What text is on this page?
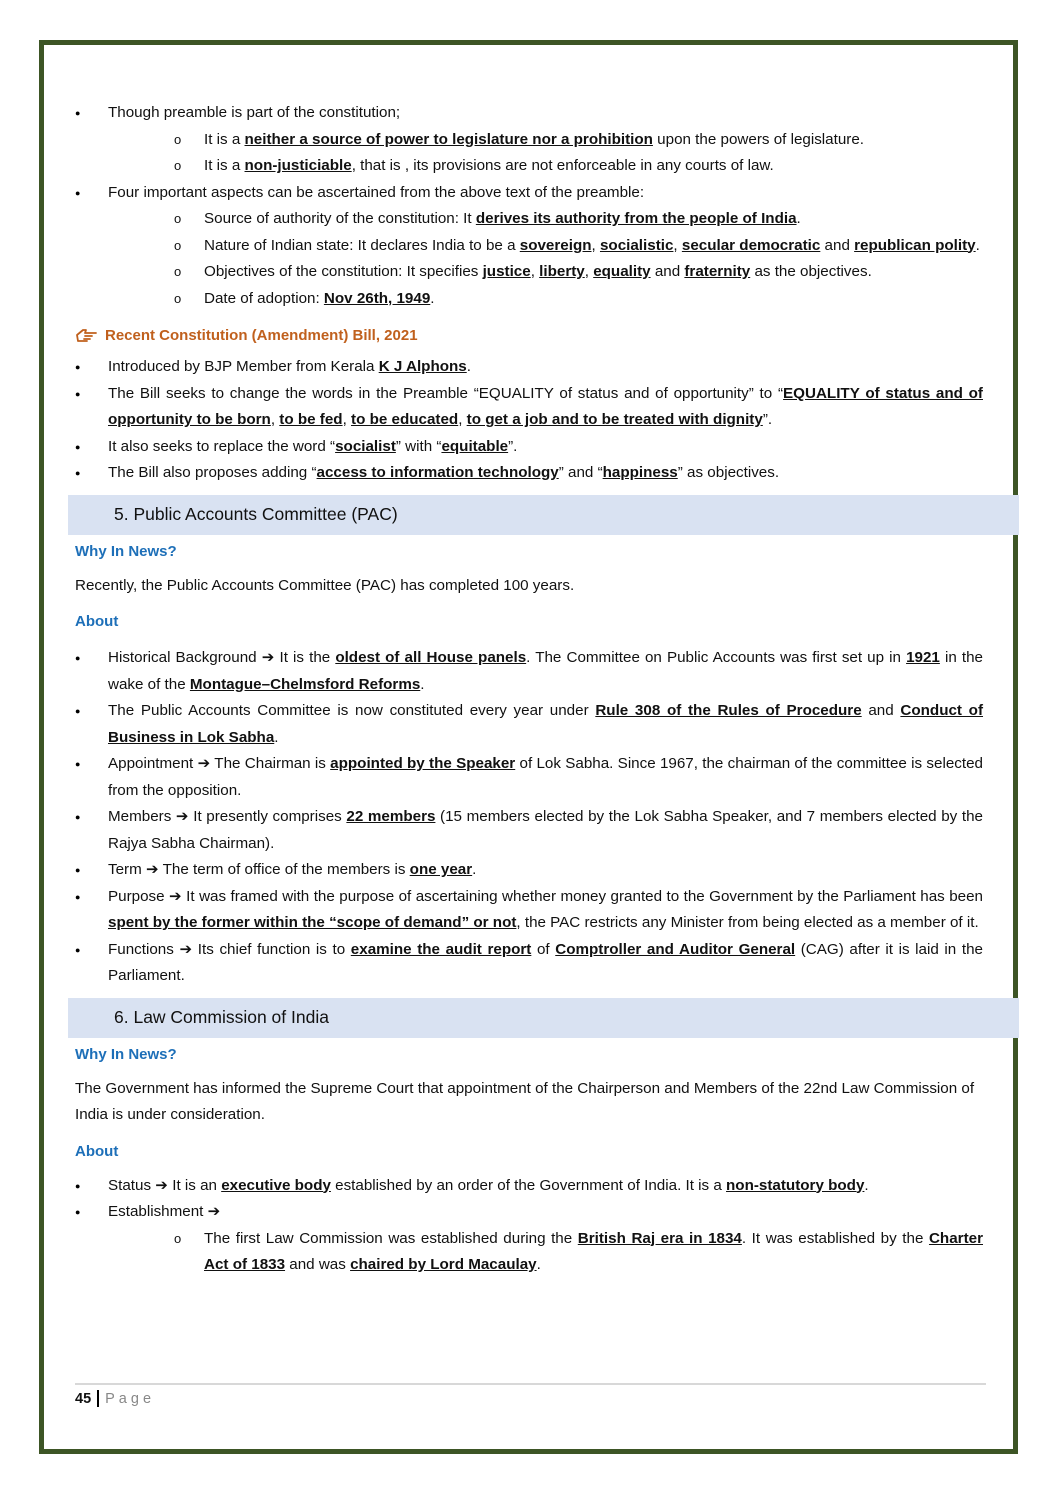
● Though preamble is part of the constitution;
o It is a neither a source of power to legislature nor a prohibition upon the powers of legislature.
o It is a non-justiciable, that is , its provisions are not enforceable in any courts of law.
● Four important aspects can be ascertained from the above text of the preamble:
o Source of authority of the constitution: It derives its authority from the people of India.
o Nature of Indian state: It declares India to be a sovereign, socialistic, secular democratic and republican polity.
o Objectives of the constitution: It specifies justice, liberty, equality and fraternity as the objectives.
o Date of adoption: Nov 26th, 1949.
Recent Constitution (Amendment) Bill, 2021
● Introduced by BJP Member from Kerala K J Alphons.
● The Bill seeks to change the words in the Preamble “EQUALITY of status and of opportunity” to “EQUALITY of status and of opportunity to be born, to be fed, to be educated, to get a job and to be treated with dignity”.
● It also seeks to replace the word “socialist” with “equitable”.
● The Bill also proposes adding “access to information technology” and “happiness” as objectives.
5. Public Accounts Committee (PAC)
Why In News?
Recently, the Public Accounts Committee (PAC) has completed 100 years.
About
● Historical Background ➔ It is the oldest of all House panels. The Committee on Public Accounts was first set up in 1921 in the wake of the Montague–Chelmsford Reforms.
● The Public Accounts Committee is now constituted every year under Rule 308 of the Rules of Procedure and Conduct of Business in Lok Sabha.
● Appointment ➔ The Chairman is appointed by the Speaker of Lok Sabha. Since 1967, the chairman of the committee is selected from the opposition.
● Members ➔ It presently comprises 22 members (15 members elected by the Lok Sabha Speaker, and 7 members elected by the Rajya Sabha Chairman).
● Term ➔ The term of office of the members is one year.
● Purpose ➔ It was framed with the purpose of ascertaining whether money granted to the Government by the Parliament has been spent by the former within the “scope of demand” or not, the PAC restricts any Minister from being elected as a member of it.
● Functions ➔ Its chief function is to examine the audit report of Comptroller and Auditor General (CAG) after it is laid in the Parliament.
6. Law Commission of India
Why In News?
The Government has informed the Supreme Court that appointment of the Chairperson and Members of the 22nd Law Commission of India is under consideration.
About
● Status ➔ It is an executive body established by an order of the Government of India. It is a non-statutory body.
● Establishment ➔
o The first Law Commission was established during the British Raj era in 1834. It was established by the Charter Act of 1833 and was chaired by Lord Macaulay.
45 Page
